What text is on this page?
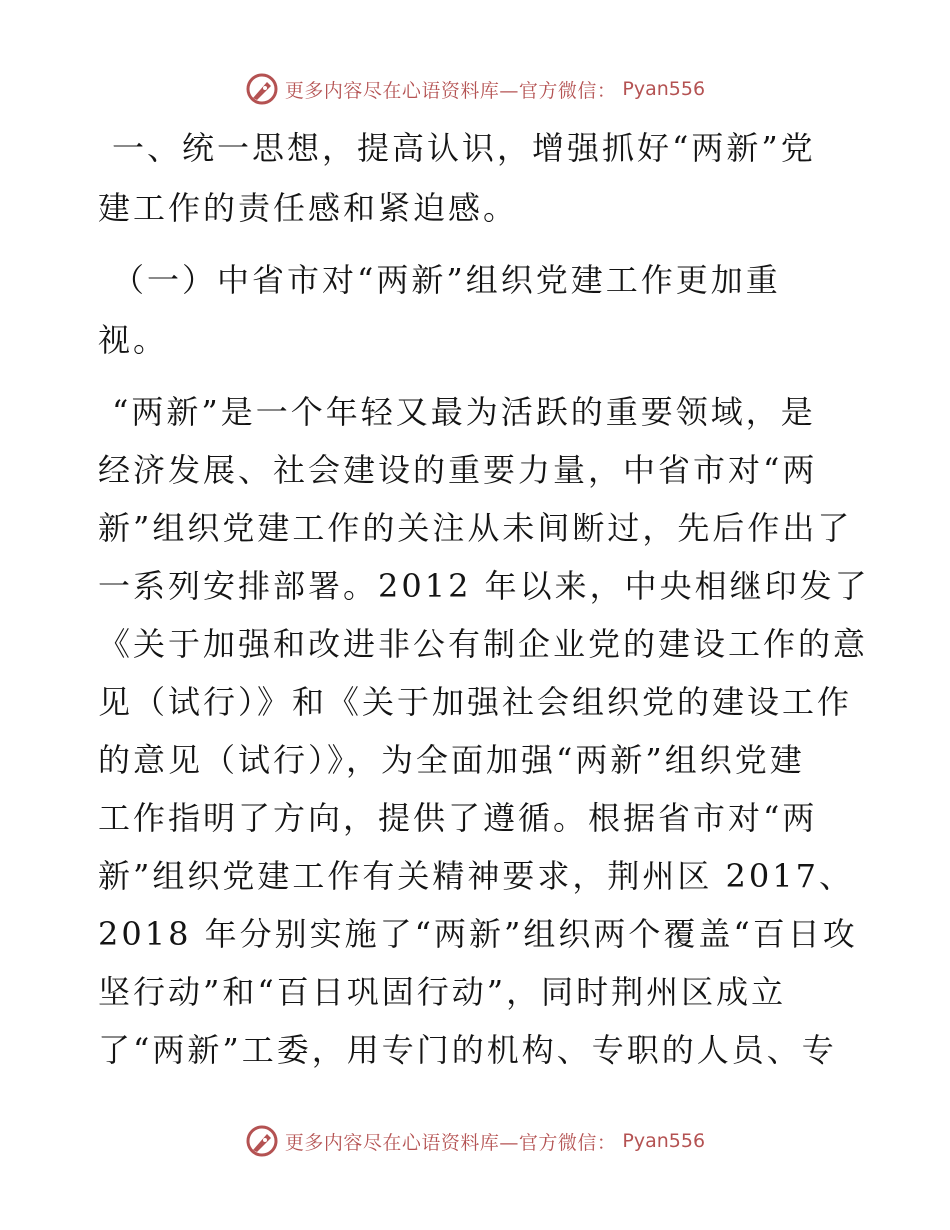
更多内容尽在心语资料库—官方微信： Pyan556
一、统一思想，提高认识，增强抓好“两新”党
建工作的责任感和紧迫感。
（一）中省市对“两新”组织党建工作更加重
视。
“两新”是一个年轻又最为活跃的重要领域，是
经济发展、社会建设的重要力量，中省市对“两
新”组织党建工作的关注从未间断过，先后作出了
一系列安排部署。2012 年以来，中央相继印发了
《关于加强和改进非公有制企业党的建设工作的意
见（试行）》和《关于加强社会组织党的建设工作
的意见（试行）》，为全面加强“两新”组织党建
工作指明了方向，提供了遵循。根据省市对“两
新”组织党建工作有关精神要求，荆州区 2017、
2018 年分别实施了“两新”组织两个覆盖“百日攻
坚行动”和“百日巩固行动”，同时荆州区成立
了“两新”工委，用专门的机构、专职的人员、专
更多内容尽在心语资料库—官方微信： Pyan556
